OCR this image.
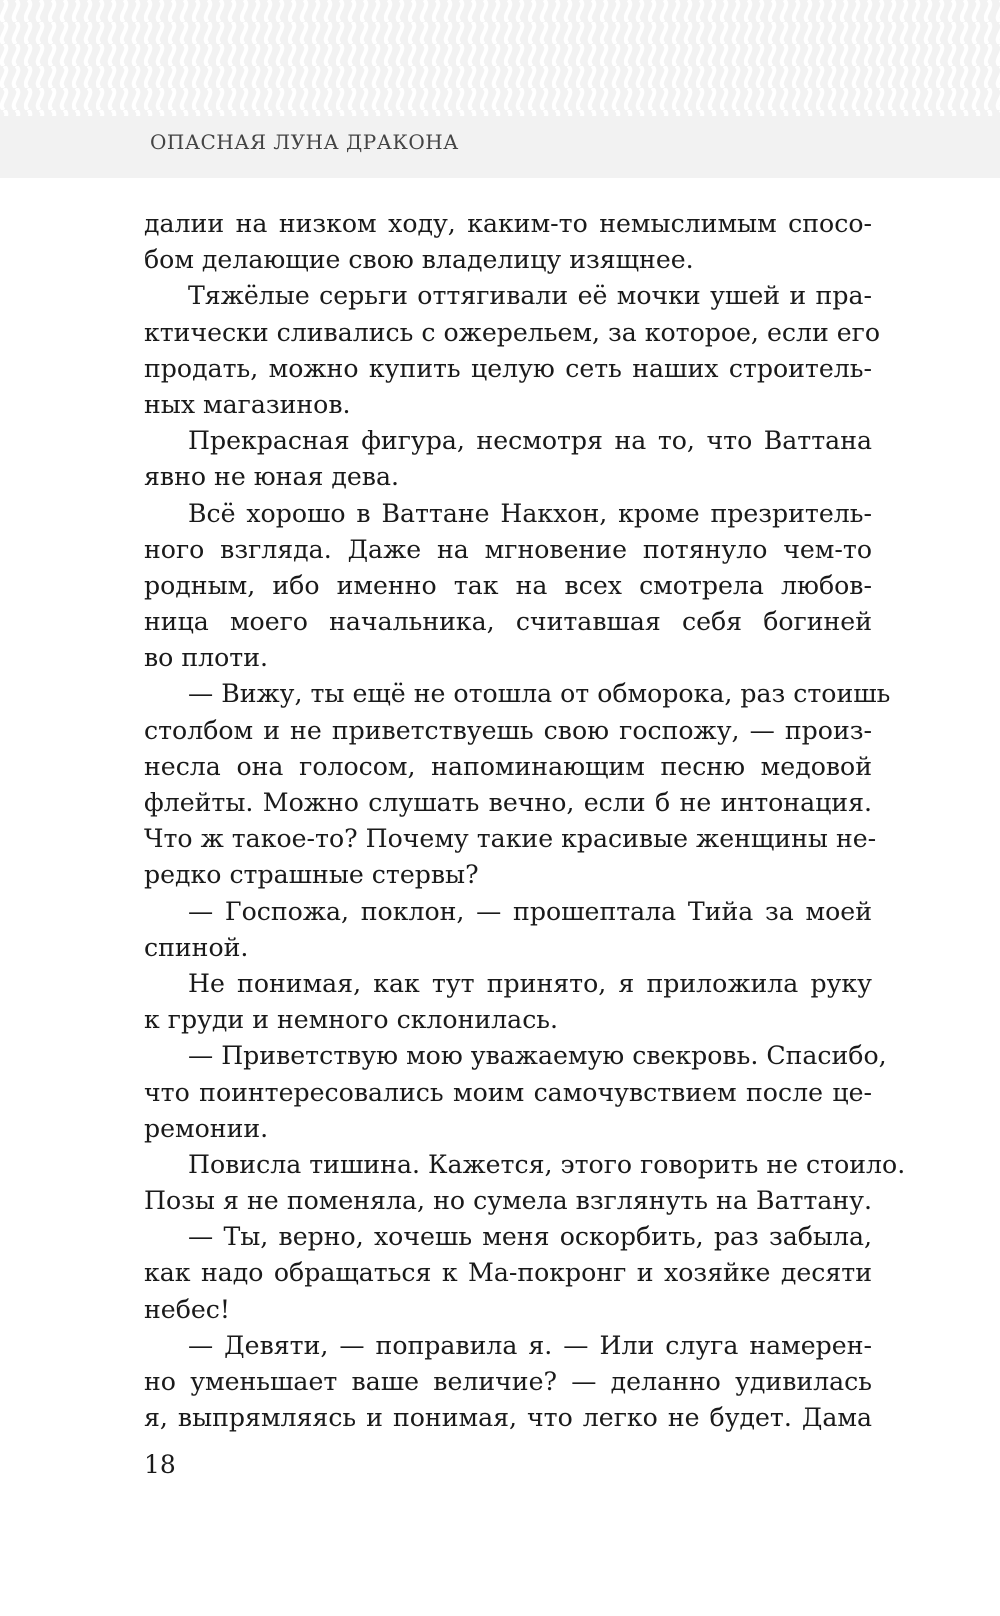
ОПАСНАЯ ЛУНА ДРАКОНА
далии на низком ходу, каким-то немыслимым спосо-
бом делающие свою владелицу изящнее.
Тяжёлые серьги оттягивали её мочки ушей и пра-
ктически сливались с ожерельем, за которое, если его
продать, можно купить целую сеть наших строитель-
ных магазинов.
Прекрасная фигура, несмотря на то, что Ваттана
явно не юная дева.
Всё хорошо в Ваттане Накхон, кроме презритель-
ного взгляда. Даже на мгновение потянуло чем-то
родным, ибо именно так на всех смотрела любов-
ница моего начальника, считавшая себя богиней
во плоти.
— Вижу, ты ещё не отошла от обморока, раз стоишь
столбом и не приветствуешь свою госпожу, — произ-
несла она голосом, напоминающим песню медовой
флейты. Можно слушать вечно, если б не интонация.
Что ж такое-то? Почему такие красивые женщины не-
редко страшные стервы?
— Госпожа, поклон, — прошептала Тийа за моей
спиной.
Не понимая, как тут принято, я приложила руку
к груди и немного склонилась.
— Приветствую мою уважаемую свекровь. Спасибо,
что поинтересовались моим самочувствием после це-
ремонии.
Повисла тишина. Кажется, этого говорить не стоило.
Позы я не поменяла, но сумела взглянуть на Ваттану.
— Ты, верно, хочешь меня оскорбить, раз забыла,
как надо обращаться к Ма-покронг и хозяйке десяти
небес!
— Девяти, — поправила я. — Или слуга намерен-
но уменьшает ваше величие? — деланно удивилась
я, выпрямляясь и понимая, что легко не будет. Дама
18
